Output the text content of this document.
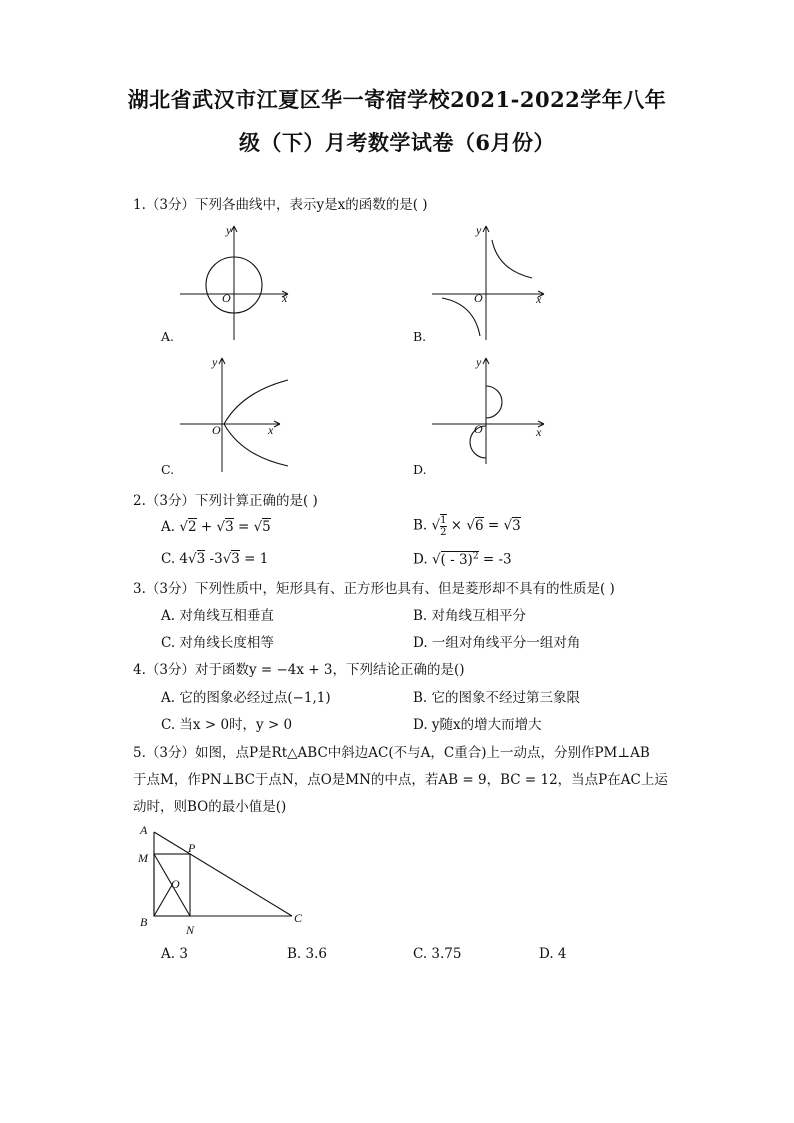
湖北省武汉市江夏区华一寄宿学校2021-2022学年八年
级（下）月考数学试卷（6月份）
1.（3分）下列各曲线中，表示y是x的函数的是( )
y
x
O
A.
y
x
O
B.
y
x
O
C.
y
x
O
D.
2.（3分）下列计算正确的是( )
A. √2 + √3 = √5	B. √ $\frac{1}{2} \times √6 = √3$
C. 4√3 -3√3 = 1	D. √( - 3)$^2$ = -3
3.（3分）下列性质中，矩形具有、正方形也具有、但是菱形却不具有的性质是( )
A. 对角线互相垂直	B. 对角线互相平分
C. 对角线长度相等	D. 一组对角线平分一组对角
4.（3分）对于函数y = −4x + 3，下列结论正确的是()
A. 它的图象必经过点(−1,1)	B. 它的图象不经过第三象限
C. 当x > 0时，y > 0	D. y随x的增大而增大
5.（3分）如图，点P是Rt△ABC中斜边AC(不与A，C重合)上一动点，分别作PM⊥AB
于点M，作PN⊥BC于点N，点O是MN的中点，若AB = 9，BC = 12，当点P在AC上运
动时，则BO的最小值是()
A
M
P
O
B
N
C
A. 3	B. 3.6	C. 3.75	D. 4
